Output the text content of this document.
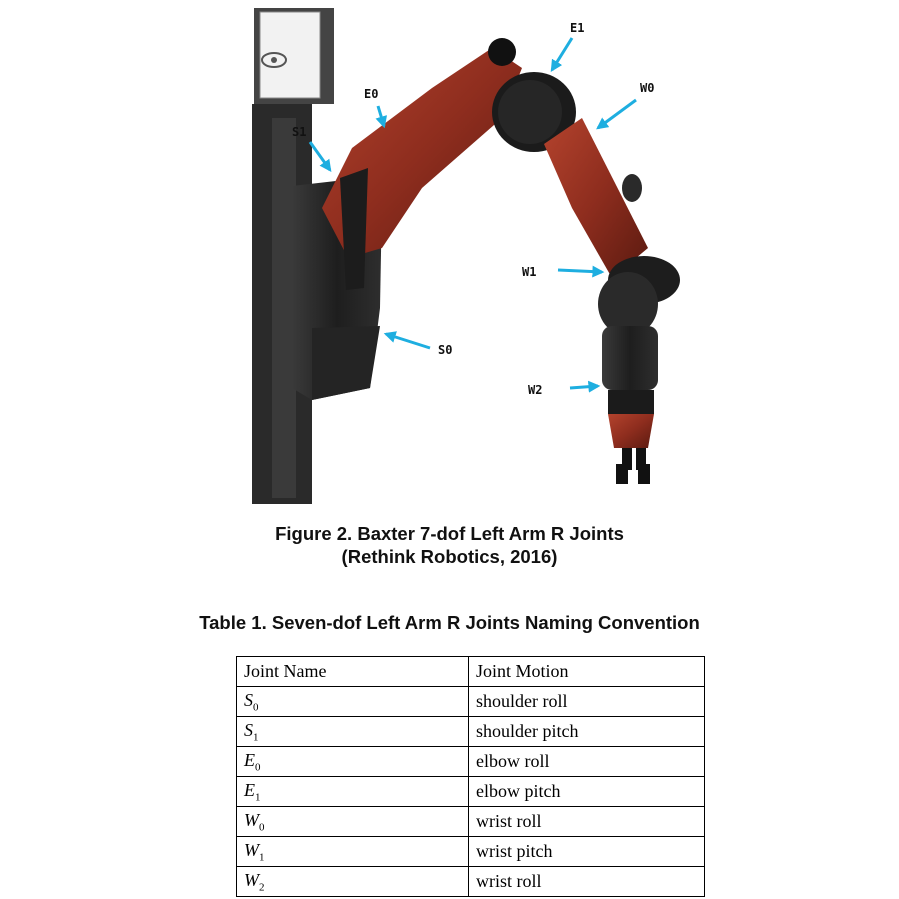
E1
W0
E0
S1
W1
S0
W2
Figure 2. Baxter 7-dof Left Arm R Joints
(Rethink Robotics, 2016)
Table 1. Seven-dof Left Arm R Joints Naming Convention
Joint Name	Joint Motion
$S_0$	shoulder roll
$S_1$	shoulder pitch
$E_0$	elbow roll
$E_1$	elbow pitch
$W_0$	wrist roll
$W_1$	wrist pitch
$W_2$	wrist roll
